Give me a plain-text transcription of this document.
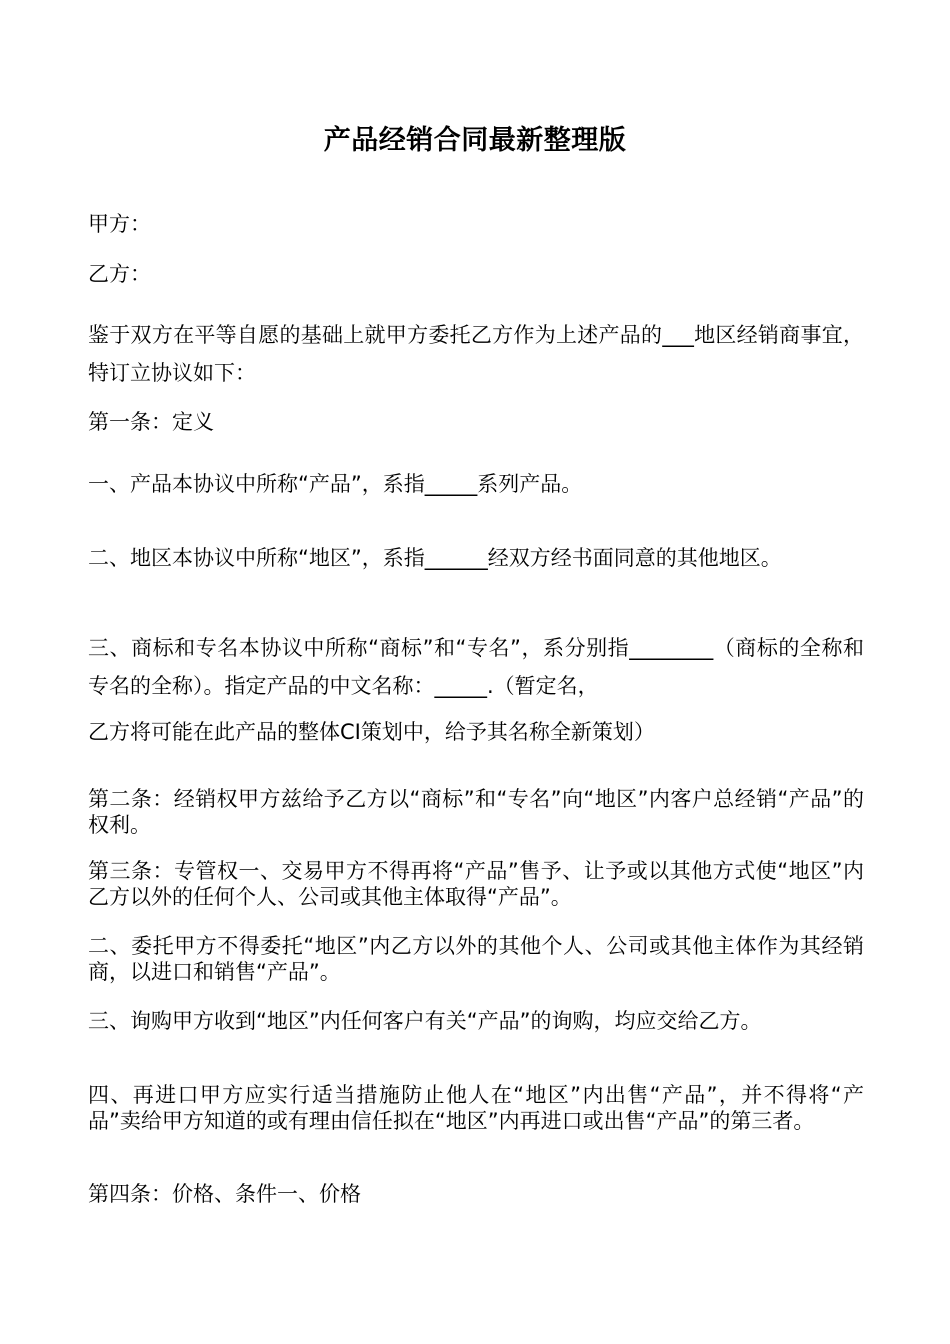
产品经销合同最新整理版

甲方：

乙方：

鉴于双方在平等自愿的基础上就甲方委托乙方作为上述产品的___地区经销商事宜，特订立协议如下：

第一条：定义

一、产品本协议中所称“产品”，系指_____系列产品。

二、地区本协议中所称“地区”，系指______经双方经书面同意的其他地区。

三、商标和专名本协议中所称“商标”和“专名”，系分别指________（商标的全称和专名的全称）。指定产品的中文名称：_____.（暂定名，

乙方将可能在此产品的整体CI策划中，给予其名称全新策划）

第二条：经销权甲方兹给予乙方以“商标”和“专名”向“地区”内客户总经销“产品”的权利。

第三条：专管权一、交易甲方不得再将“产品”售予、让予或以其他方式使“地区”内乙方以外的任何个人、公司或其他主体取得“产品”。

二、委托甲方不得委托“地区”内乙方以外的其他个人、公司或其他主体作为其经销商，以进口和销售“产品”。

三、询购甲方收到“地区”内任何客户有关“产品”的询购，均应交给乙方。

四、再进口甲方应实行适当措施防止他人在“地区”内出售“产品”，并不得将“产品”卖给甲方知道的或有理由信任拟在“地区”内再进口或出售“产品”的第三者。

第四条：价格、条件一、价格
